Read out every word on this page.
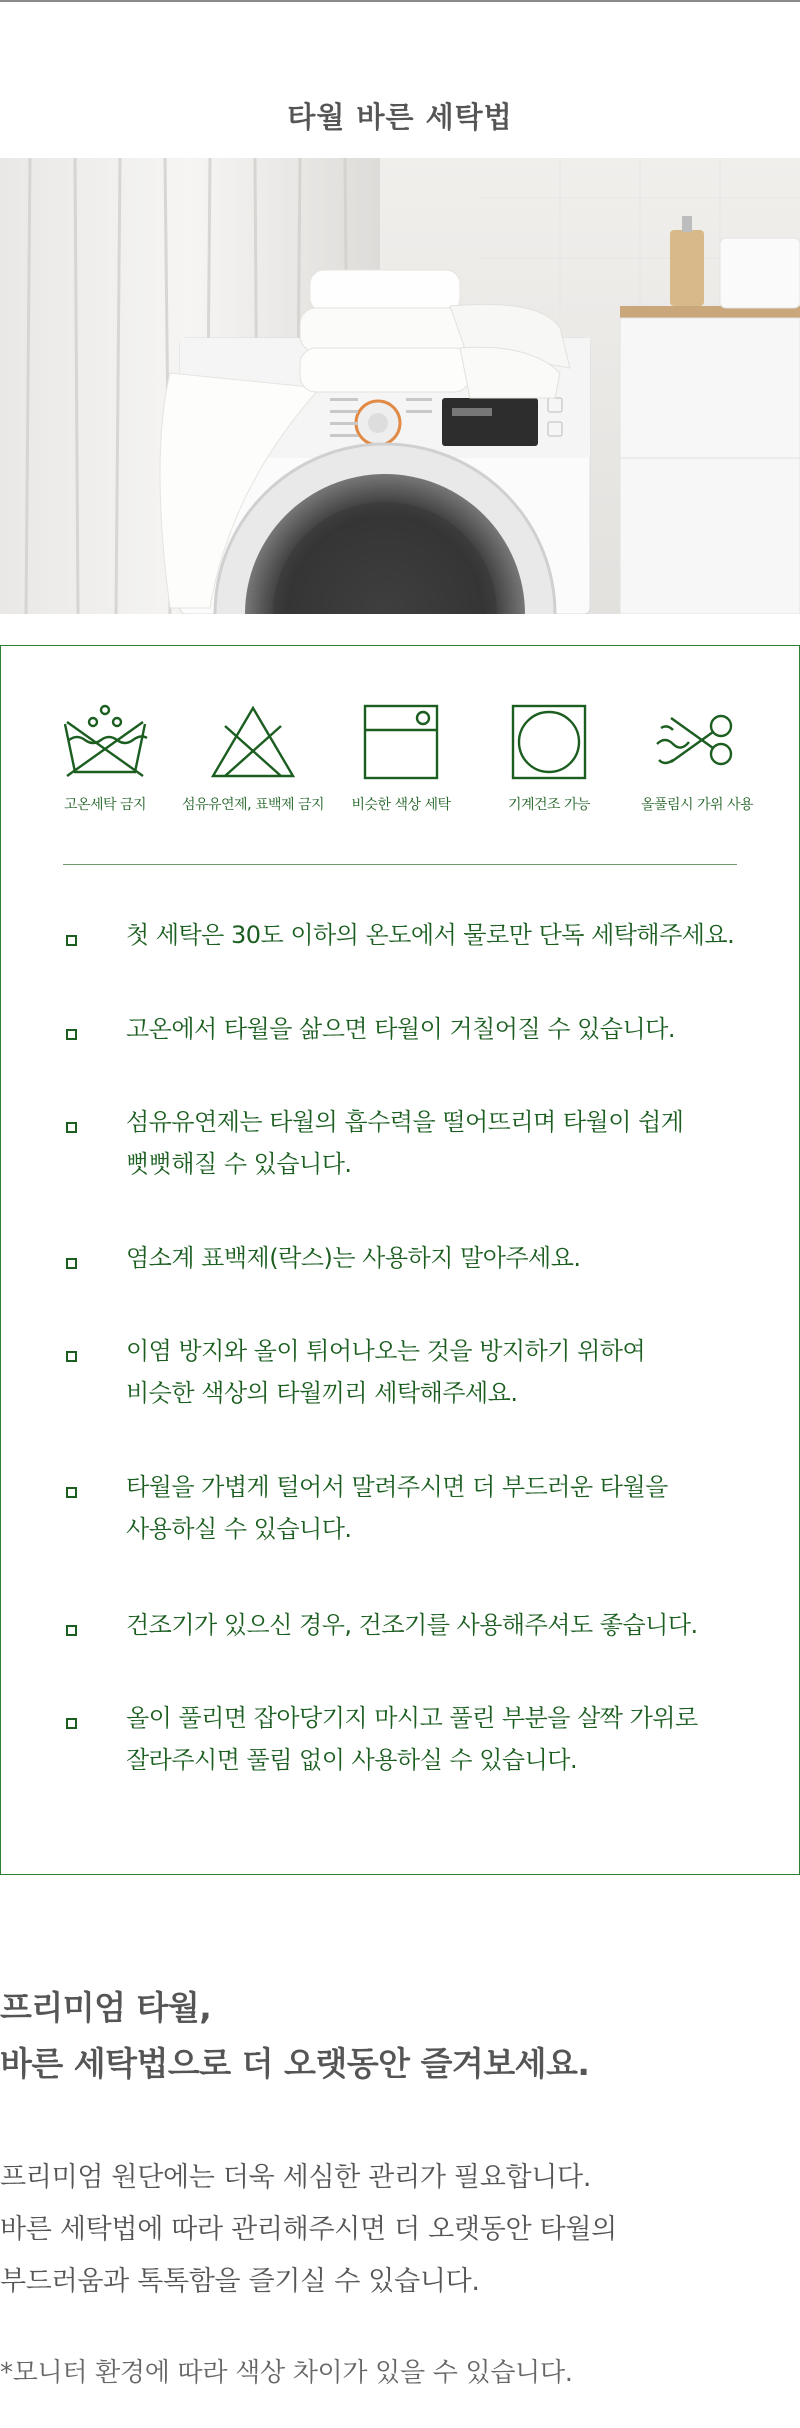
타월 바른 세탁법
고온세탁 금지	섬유유연제, 표백제 금지	비슷한 색상 세탁	기계건조 가능	올풀림시 가위 사용
첫 세탁은 30도 이하의 온도에서 물로만 단독 세탁해주세요.
고온에서 타월을 삶으면 타월이 거칠어질 수 있습니다.
섬유유연제는 타월의 흡수력을 떨어뜨리며 타월이 쉽게
뻣뻣해질 수 있습니다.
염소계 표백제(락스)는 사용하지 말아주세요.
이염 방지와 올이 튀어나오는 것을 방지하기 위하여
비슷한 색상의 타월끼리 세탁해주세요.
타월을 가볍게 털어서 말려주시면 더 부드러운 타월을
사용하실 수 있습니다.
건조기가 있으신 경우, 건조기를 사용해주셔도 좋습니다.
올이 풀리면 잡아당기지 마시고 풀린 부분을 살짝 가위로
잘라주시면 풀림 없이 사용하실 수 있습니다.
프리미엄 타월,
바른 세탁법으로 더 오랫동안 즐겨보세요.
프리미엄 원단에는 더욱 세심한 관리가 필요합니다.
바른 세탁법에 따라 관리해주시면 더 오랫동안 타월의
부드러움과 톡톡함을 즐기실 수 있습니다.
*모니터 환경에 따라 색상 차이가 있을 수 있습니다.
